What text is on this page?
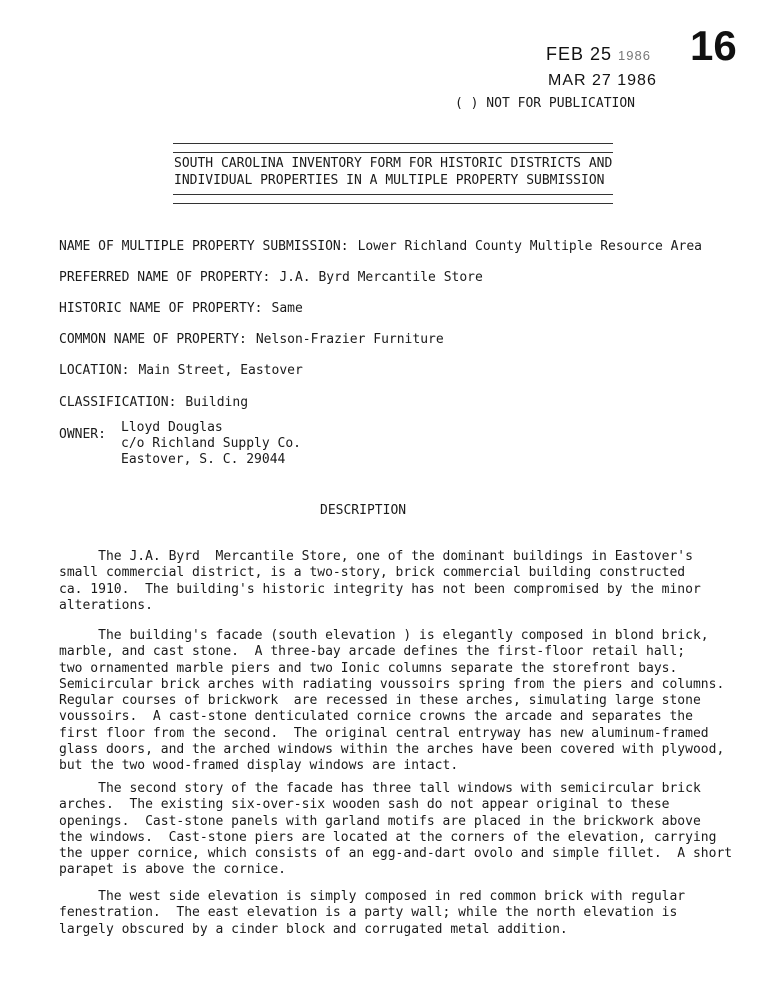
FEB 25 1986
MAR 27 1986
16
( ) NOT FOR PUBLICATION
SOUTH CAROLINA INVENTORY FORM FOR HISTORIC DISTRICTS AND
INDIVIDUAL PROPERTIES IN A MULTIPLE PROPERTY SUBMISSION
NAME OF MULTIPLE PROPERTY SUBMISSION: Lower Richland County Multiple Resource Area
PREFERRED NAME OF PROPERTY: J.A. Byrd Mercantile Store
HISTORIC NAME OF PROPERTY: Same
COMMON NAME OF PROPERTY: Nelson-Frazier Furniture
LOCATION: Main Street, Eastover
CLASSIFICATION: Building
OWNER: Lloyd Douglas
c/o Richland Supply Co.
Eastover, S. C. 29044
DESCRIPTION
The J.A. Byrd  Mercantile Store, one of the dominant buildings in Eastover's
small commercial district, is a two-story, brick commercial building constructed
ca. 1910.  The building's historic integrity has not been compromised by the minor
alterations.
The building's facade (south elevation ) is elegantly composed in blond brick,
marble, and cast stone.  A three-bay arcade defines the first-floor retail hall;
two ornamented marble piers and two Ionic columns separate the storefront bays.
Semicircular brick arches with radiating voussoirs spring from the piers and columns.
Regular courses of brickwork  are recessed in these arches, simulating large stone
voussoirs.  A cast-stone denticulated cornice crowns the arcade and separates the
first floor from the second.  The original central entryway has new aluminum-framed
glass doors, and the arched windows within the arches have been covered with plywood,
but the two wood-framed display windows are intact.
The second story of the facade has three tall windows with semicircular brick
arches.  The existing six-over-six wooden sash do not appear original to these
openings.  Cast-stone panels with garland motifs are placed in the brickwork above
the windows.  Cast-stone piers are located at the corners of the elevation, carrying
the upper cornice, which consists of an egg-and-dart ovolo and simple fillet.  A short
parapet is above the cornice.
The west side elevation is simply composed in red common brick with regular
fenestration.  The east elevation is a party wall; while the north elevation is
largely obscured by a cinder block and corrugated metal addition.
